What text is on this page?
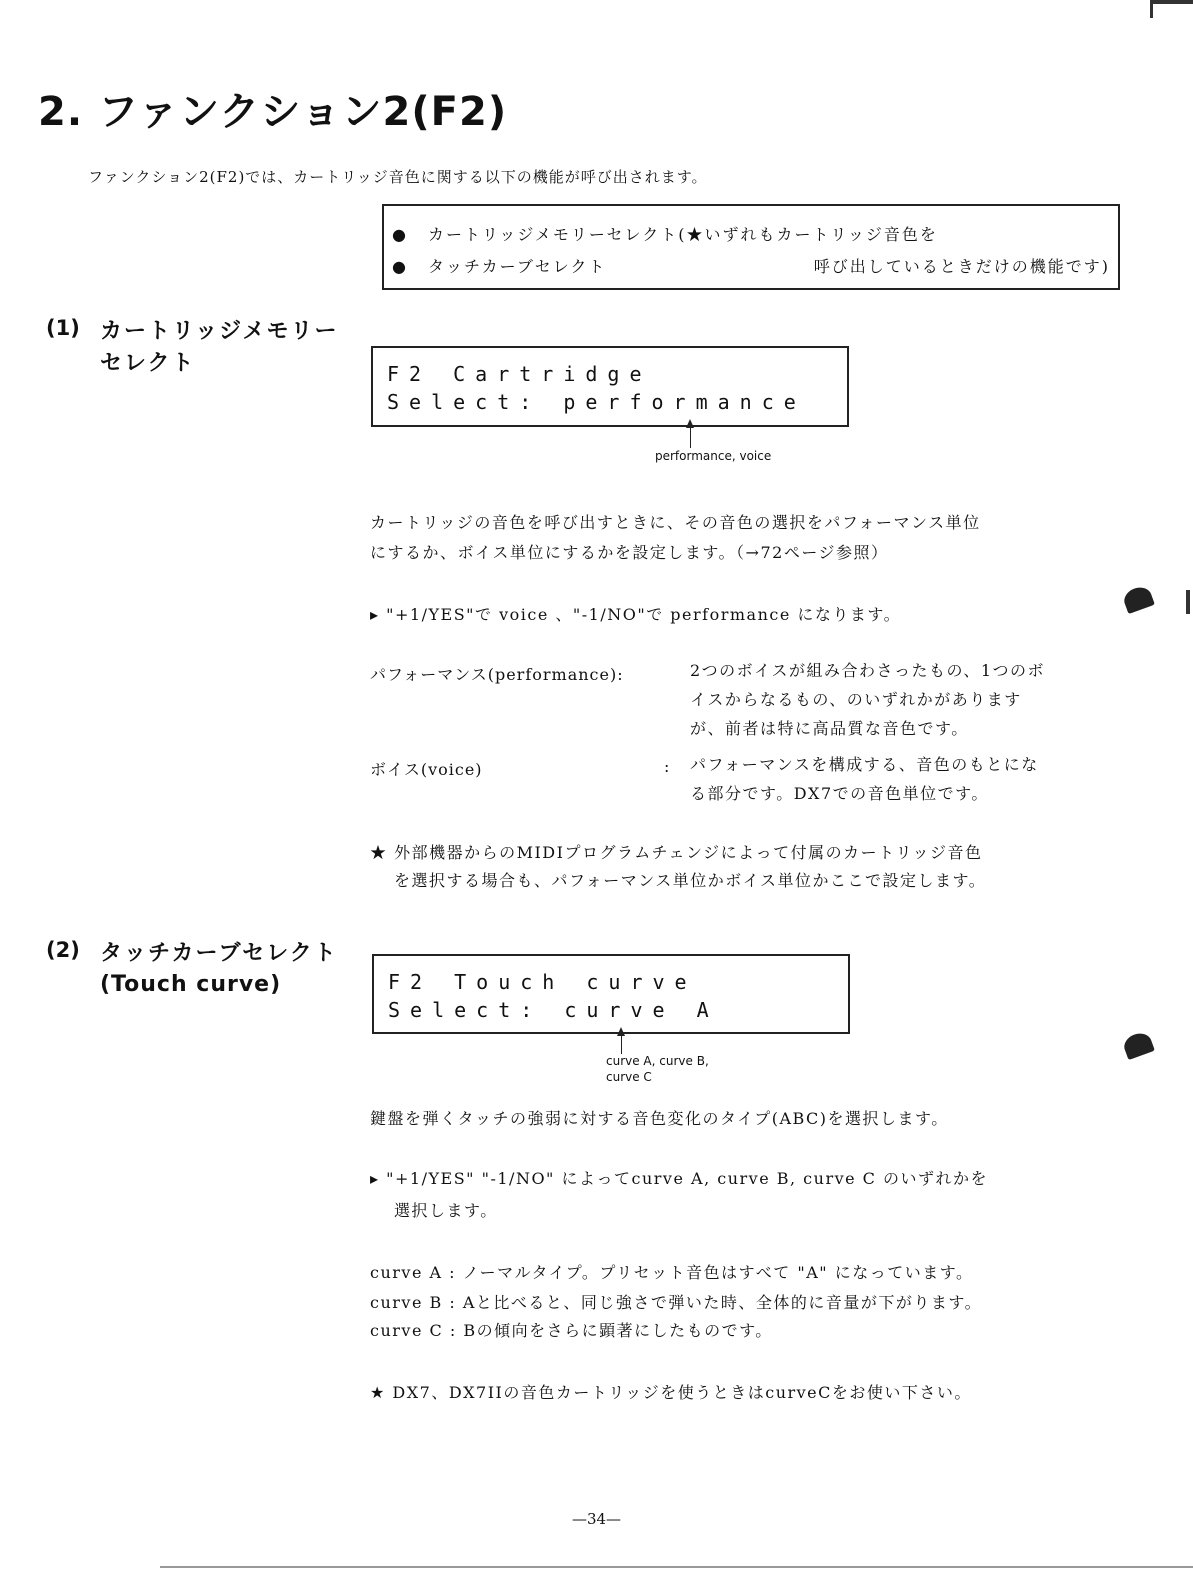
2. ファンクション2(F2)
ファンクション2(F2)では、カートリッジ音色に関する以下の機能が呼び出されます。
● カートリッジメモリーセレクト(★いずれもカートリッジ音色を
● タッチカーブセレクト	呼び出しているときだけの機能です)
(1) カートリッジメモリー
セレクト	F2 Cartridge
Select: performance
performance, voice
カートリッジの音色を呼び出すときに、その音色の選択をパフォーマンス単位
にするか、ボイス単位にするかを設定します。（→72ページ参照）
▸ "+1/YES"で voice 、"-1/NO"で performance になります。
パフォーマンス(performance):	2つのボイスが組み合わさったもの、1つのボ
イスからなるもの、のいずれかがあります
が、前者は特に高品質な音色です。
ボイス(voice)	: パフォーマンスを構成する、音色のもとにな
る部分です。DX7での音色単位です。
★ 外部機器からのMIDIプログラムチェンジによって付属のカートリッジ音色
を選択する場合も、パフォーマンス単位かボイス単位かここで設定します。
(2) タッチカーブセレクト
(Touch curve)	F2 Touch curve
Select: curve A
curve A, curve B,
curve C
鍵盤を弾くタッチの強弱に対する音色変化のタイプ(ABC)を選択します。
▸ "+1/YES" "-1/NO" によってcurve A, curve B, curve C のいずれかを
選択します。
curve A : ノーマルタイプ。プリセット音色はすべて "A" になっています。
curve B : Aと比べると、同じ強さで弾いた時、全体的に音量が下がります。
curve C : Bの傾向をさらに顕著にしたものです。
★ DX7、DX7IIの音色カートリッジを使うときはcurveCをお使い下さい。
—34—
